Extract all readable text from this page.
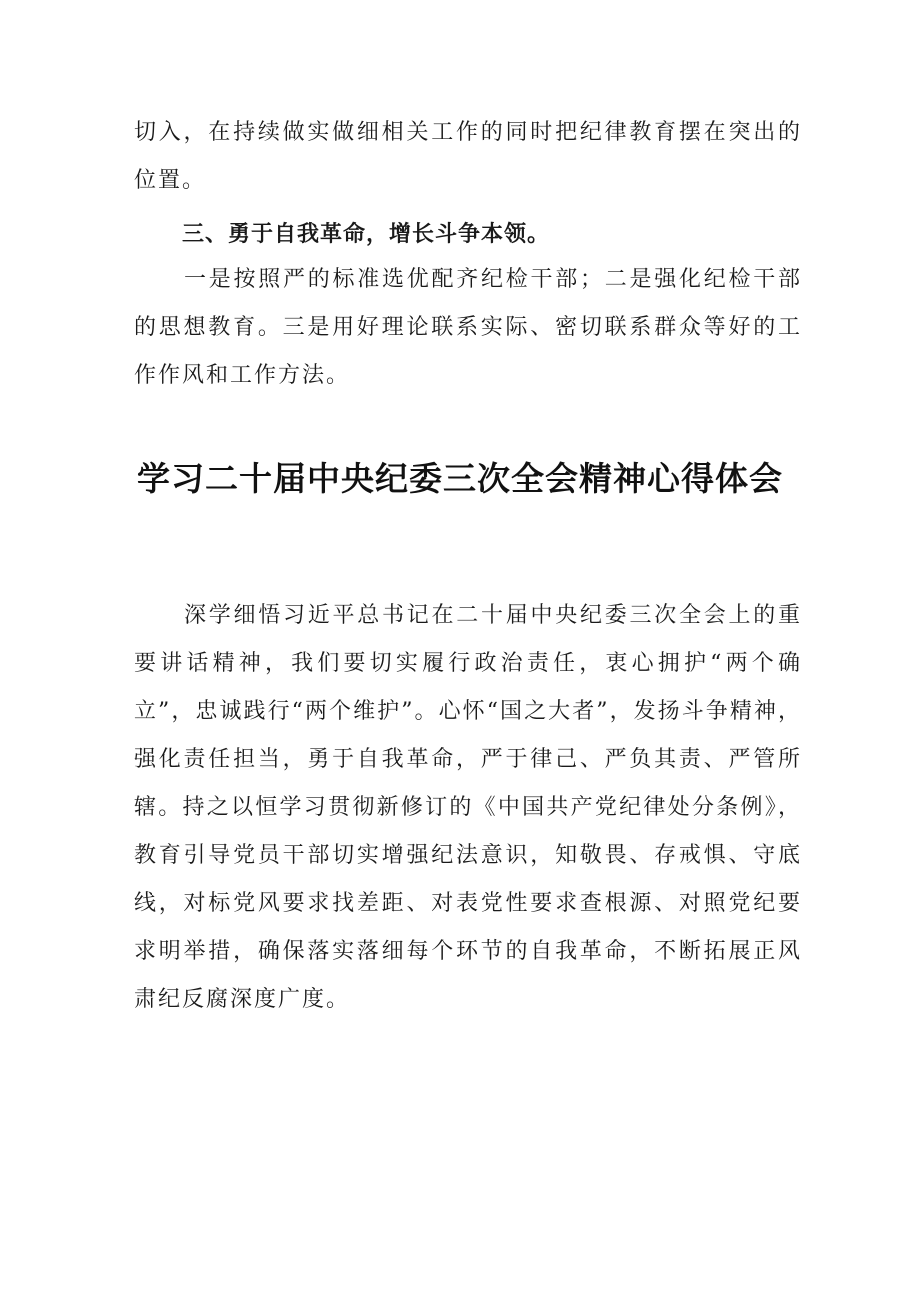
切入，在持续做实做细相关工作的同时把纪律教育摆在突出的位置。

三、勇于自我革命，增长斗争本领。

一是按照严的标准选优配齐纪检干部；二是强化纪检干部的思想教育。三是用好理论联系实际、密切联系群众等好的工作作风和工作方法。

学习二十届中央纪委三次全会精神心得体会

深学细悟习近平总书记在二十届中央纪委三次全会上的重要讲话精神，我们要切实履行政治责任，衷心拥护“两个确立”，忠诚践行“两个维护”。心怀“国之大者”，发扬斗争精神，强化责任担当，勇于自我革命，严于律己、严负其责、严管所辖。持之以恒学习贯彻新修订的《中国共产党纪律处分条例》，教育引导党员干部切实增强纪法意识，知敬畏、存戒惧、守底线，对标党风要求找差距、对表党性要求查根源、对照党纪要求明举措，确保落实落细每个环节的自我革命，不断拓展正风肃纪反腐深度广度。
